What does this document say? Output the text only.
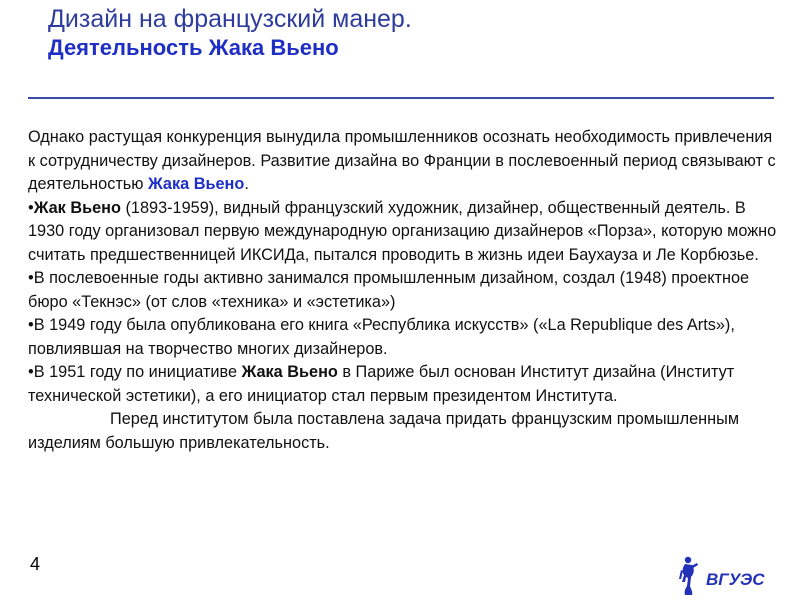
Дизайн на французский манер.
Деятельность Жака Вьено

Однако растущая конкуренция вынудила промышленников осознать необходимость привлечения к сотрудничеству дизайнеров. Развитие дизайна во Франции в послевоенный период связывают с деятельностью Жака Вьено.

•Жак Вьено (1893-1959), видный французский художник, дизайнер, общественный деятель. В 1930 году организовал первую международную организацию дизайнеров «Порза», которую можно считать предшественницей ИКСИДа, пытался проводить в жизнь идеи Баухауза и Ле Корбюзье.

•В послевоенные годы активно занимался промышленным дизайном, создал (1948) проектное бюро «Текнэс» (от слов «техника» и «эстетика»)

•В 1949 году была опубликована его книга «Республика искусств» («La Republique des Arts»), повлиявшая на творчество многих дизайнеров.

•В 1951 году по инициативе Жака Вьено в Париже был основан Институт дизайна (Институт технической эстетики), а его инициатор стал первым президентом Института.

Перед институтом была поставлена задача придать французским промышленным изделиям большую привлекательность.

4
ВГУЭС
